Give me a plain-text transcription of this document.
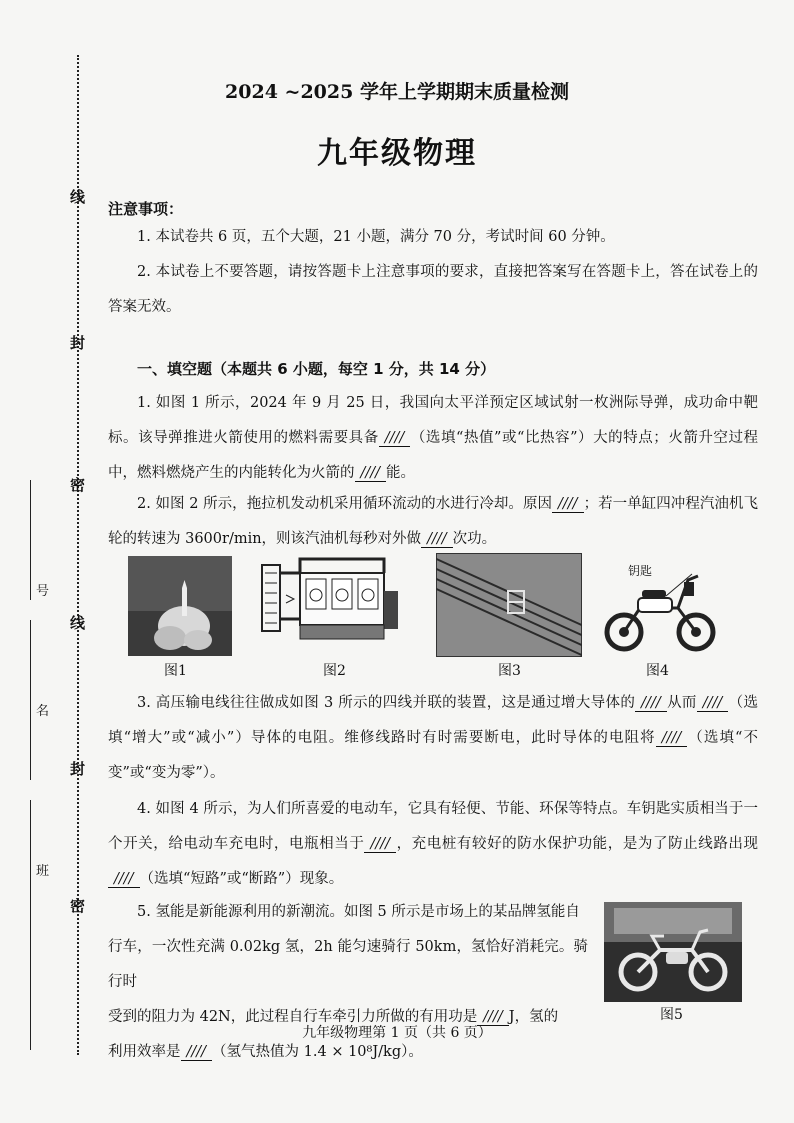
线
封
密
线
封
密
号
名
班
2024 ~2025 学年上学期期末质量检测
九年级物理
注意事项：
1. 本试卷共 6 页，五个大题，21 小题，满分 70 分，考试时间 60 分钟。
2. 本试卷上不要答题，请按答题卡上注意事项的要求，直接把答案写在答题卡上，答在试卷上的答案无效。
一、填空题（本题共 6 小题，每空 1 分，共 14 分）
1. 如图 1 所示，2024 年 9 月 25 日，我国向太平洋预定区域试射一枚洲际导弹，成功命中靶标。该导弹推进火箭使用的燃料需要具备 //// （选填“热值”或“比热容”）大的特点；火箭升空过程中，燃料燃烧产生的内能转化为火箭的 //// 能。
2. 如图 2 所示，拖拉机发动机采用循环流动的水进行冷却。原因 //// ；若一单缸四冲程汽油机飞轮的转速为 3600r/min，则该汽油机每秒对外做 //// 次功。
图1	图2	图3
钥匙
图4
3. 高压输电线往往做成如图 3 所示的四线并联的装置，这是通过增大导体的 //// 从而 //// （选填“增大”或“减小”）导体的电阻。维修线路时有时需要断电，此时导体的电阻将 //// （选填“不变”或“变为零”）。
4. 如图 4 所示，为人们所喜爱的电动车，它具有轻便、节能、环保等特点。车钥匙实质相当于一个开关，给电动车充电时，电瓶相当于 //// ，充电桩有较好的防水保护功能，是为了防止线路出现//// （选填“短路”或“断路”）现象。
5. 氢能是新能源利用的新潮流。如图 5 所示是市场上的某品牌氢能自
行车，一次性充满 0.02kg 氢，2h 能匀速骑行 50km，氢恰好消耗完。骑行时
受到的阻力为 42N，此过程自行车牵引力所做的有用功是 //// J，氢的
利用效率是 //// （氢气热值为 1.4 × 10⁸J/kg）。
图5
九年级物理第 1 页（共 6 页）
